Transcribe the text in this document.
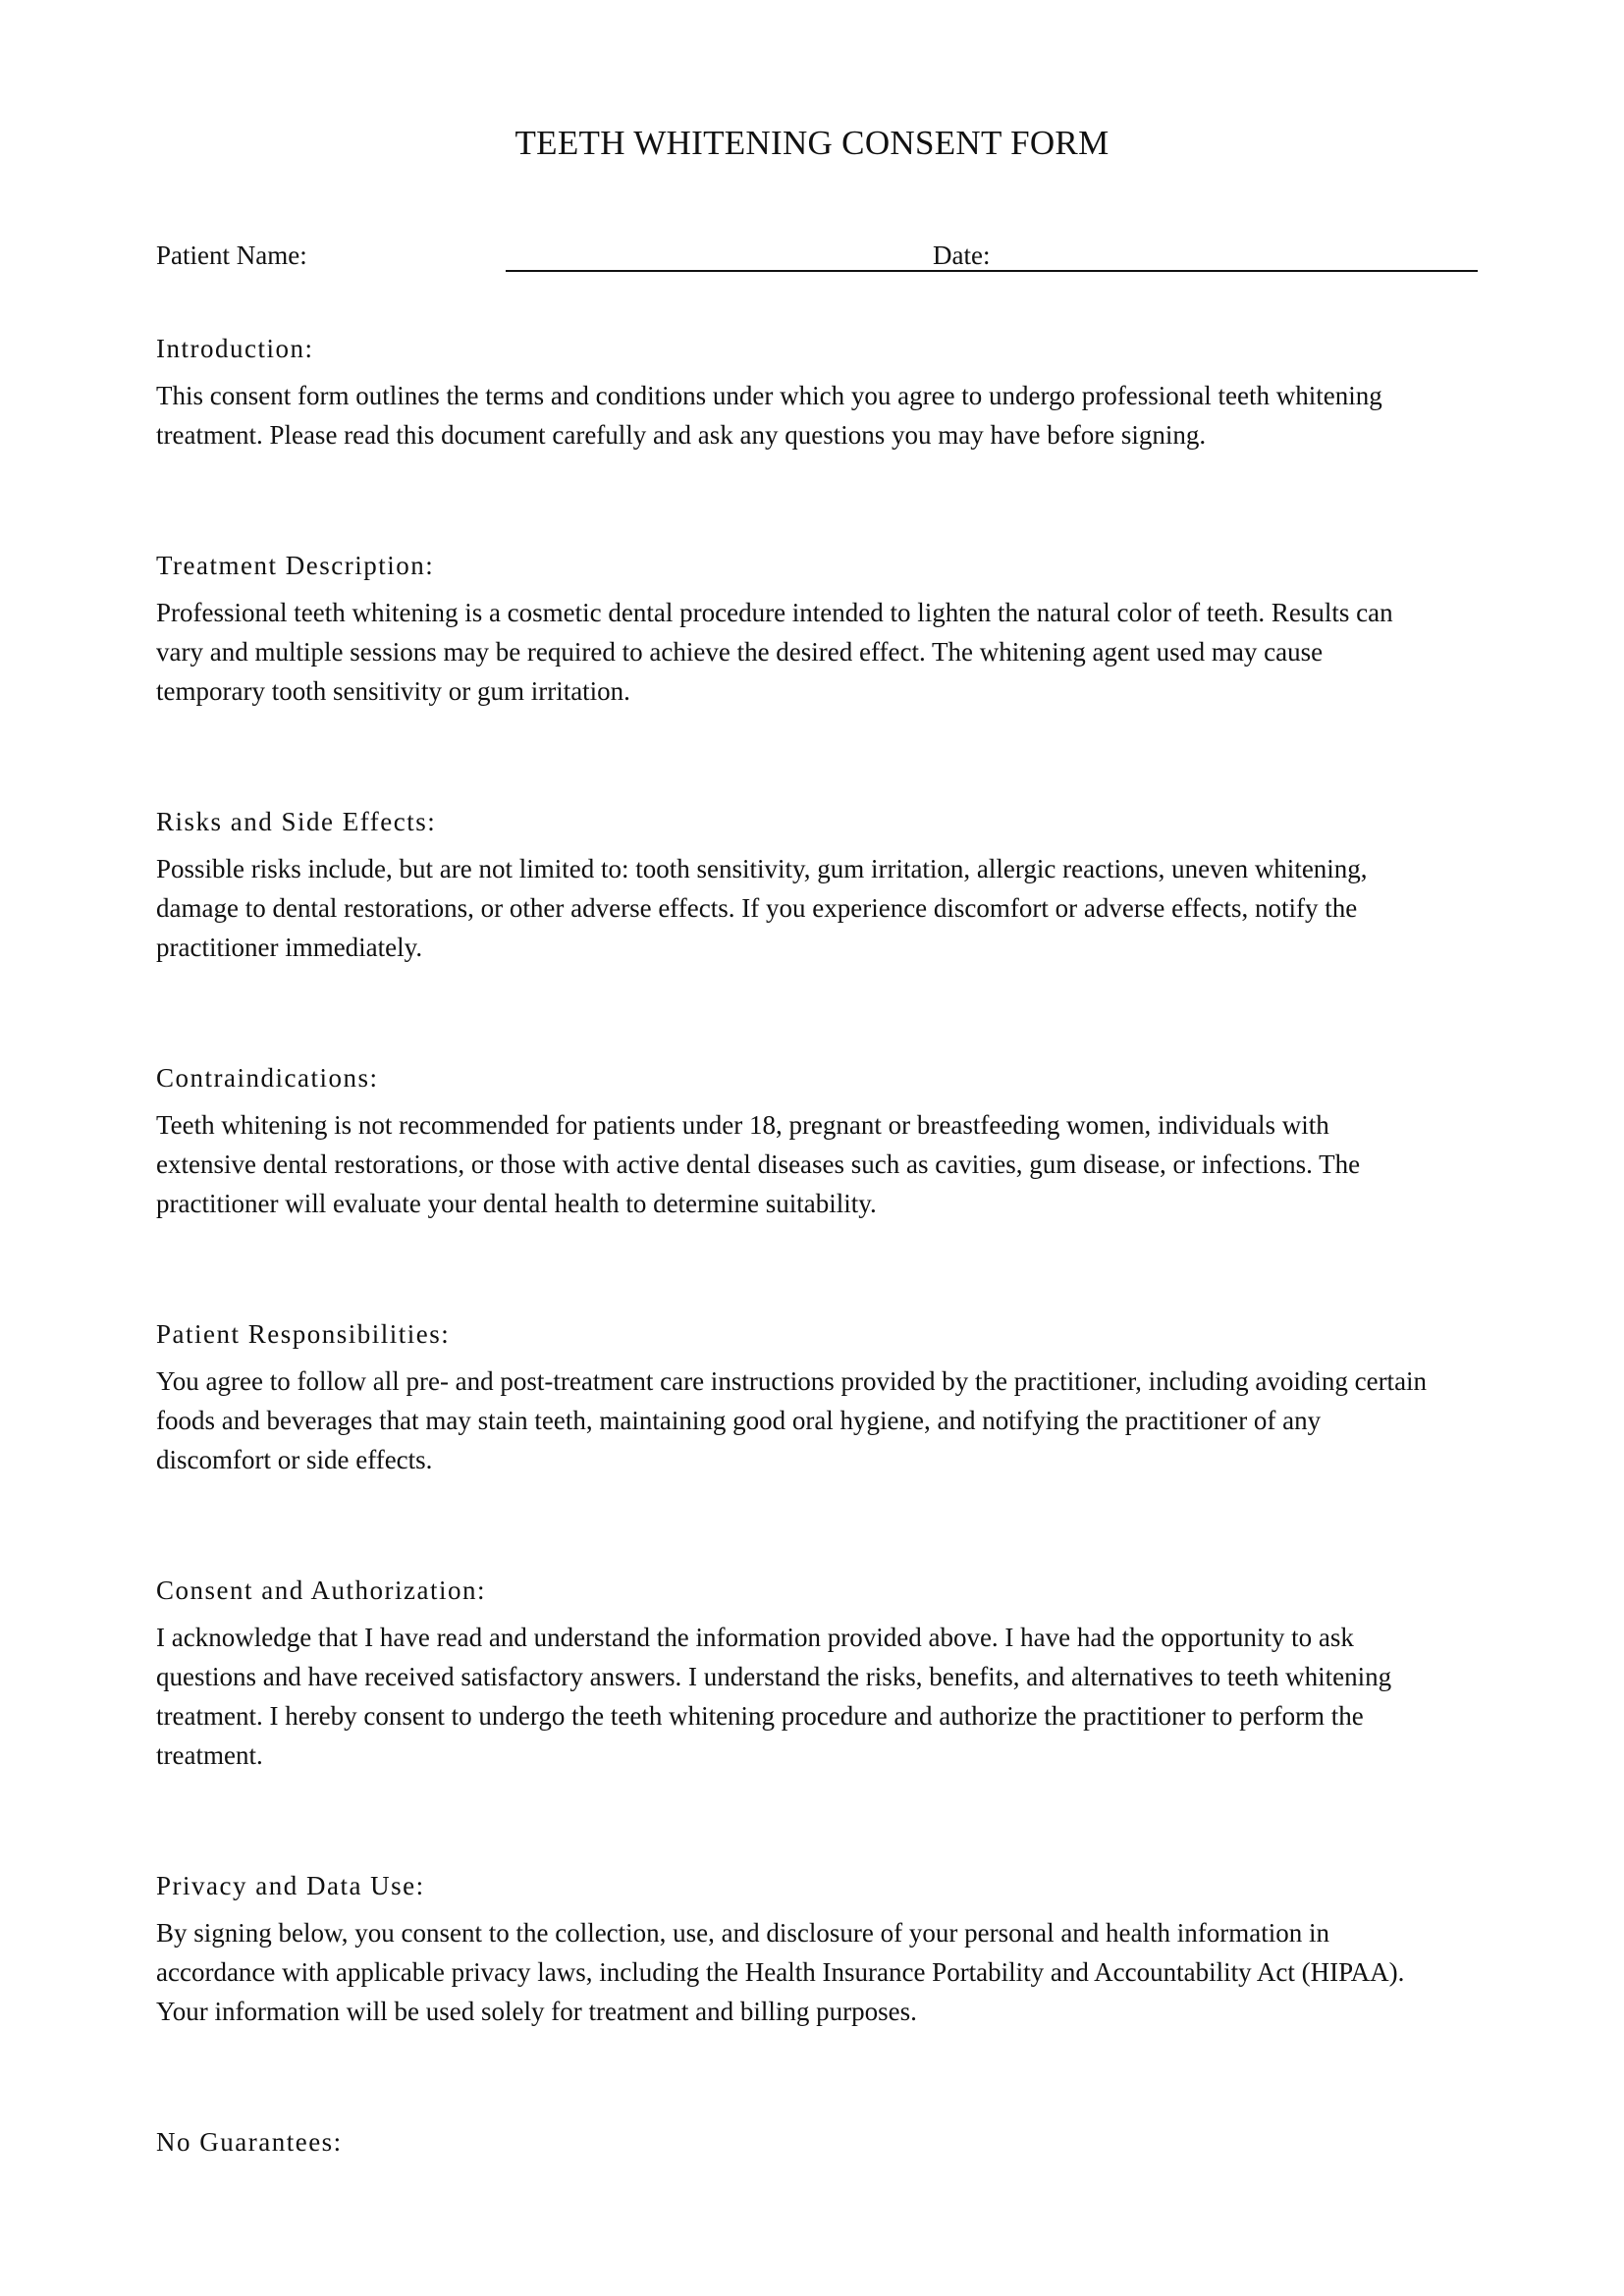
TEETH WHITENING CONSENT FORM
Patient Name:	Date:
Introduction:
This consent form outlines the terms and conditions under which you agree to undergo professional teeth whitening
treatment. Please read this document carefully and ask any questions you may have before signing.
Treatment Description:
Professional teeth whitening is a cosmetic dental procedure intended to lighten the natural color of teeth. Results can
vary and multiple sessions may be required to achieve the desired effect. The whitening agent used may cause
temporary tooth sensitivity or gum irritation.
Risks and Side Effects:
Possible risks include, but are not limited to: tooth sensitivity, gum irritation, allergic reactions, uneven whitening,
damage to dental restorations, or other adverse effects. If you experience discomfort or adverse effects, notify the
practitioner immediately.
Contraindications:
Teeth whitening is not recommended for patients under 18, pregnant or breastfeeding women, individuals with
extensive dental restorations, or those with active dental diseases such as cavities, gum disease, or infections. The
practitioner will evaluate your dental health to determine suitability.
Patient Responsibilities:
You agree to follow all pre- and post-treatment care instructions provided by the practitioner, including avoiding certain
foods and beverages that may stain teeth, maintaining good oral hygiene, and notifying the practitioner of any
discomfort or side effects.
Consent and Authorization:
I acknowledge that I have read and understand the information provided above. I have had the opportunity to ask
questions and have received satisfactory answers. I understand the risks, benefits, and alternatives to teeth whitening
treatment. I hereby consent to undergo the teeth whitening procedure and authorize the practitioner to perform the
treatment.
Privacy and Data Use:
By signing below, you consent to the collection, use, and disclosure of your personal and health information in
accordance with applicable privacy laws, including the Health Insurance Portability and Accountability Act (HIPAA).
Your information will be used solely for treatment and billing purposes.
No Guarantees:
